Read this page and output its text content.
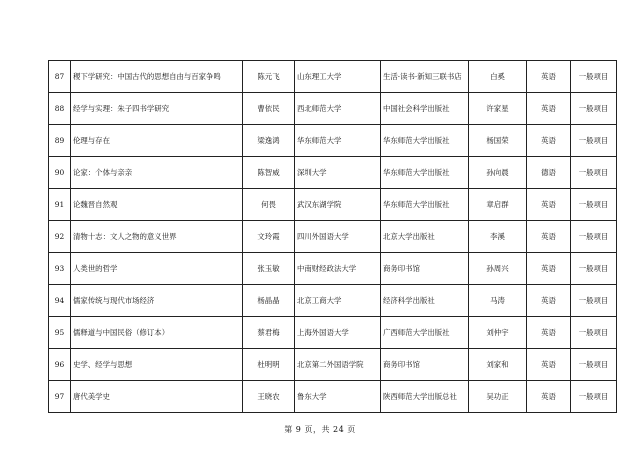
87	稷下学研究：中国古代的思想自由与百家争鸣	陈元飞	山东理工大学	生活·读书·新知三联书店	白奚	英语	一般项目
88	经学与实理：朱子四书学研究	曹依民	西北师范大学	中国社会科学出版社	许家星	英语	一般项目
89	伦理与存在	梁逸鸿	华东师范大学	华东师范大学出版社	杨国荣	英语	一般项目
90	论家：个体与亲亲	陈智威	深圳大学	华东师范大学出版社	孙向晨	德语	一般项目
91	论魏晋自然观	何畏	武汉东湖学院	华东师范大学出版社	章启群	英语	一般项目
92	清物十志：文人之物的意义世界	文玲霞	四川外国语大学	北京大学出版社	李溪	英语	一般项目
93	人类世的哲学	张玉敏	中南财经政法大学	商务印书馆	孙周兴	英语	一般项目
94	儒家传统与现代市场经济	杨晶晶	北京工商大学	经济科学出版社	马涛	英语	一般项目
95	儒释道与中国民俗（修订本）	蔡君梅	上海外国语大学	广西师范大学出版社	刘仲宇	英语	一般项目
96	史学、经学与思想	杜明明	北京第二外国语学院	商务印书馆	刘家和	英语	一般项目
97	唐代美学史	王晓农	鲁东大学	陕西师范大学出版总社	吴功正	英语	一般项目
第 9 页，共 24 页
